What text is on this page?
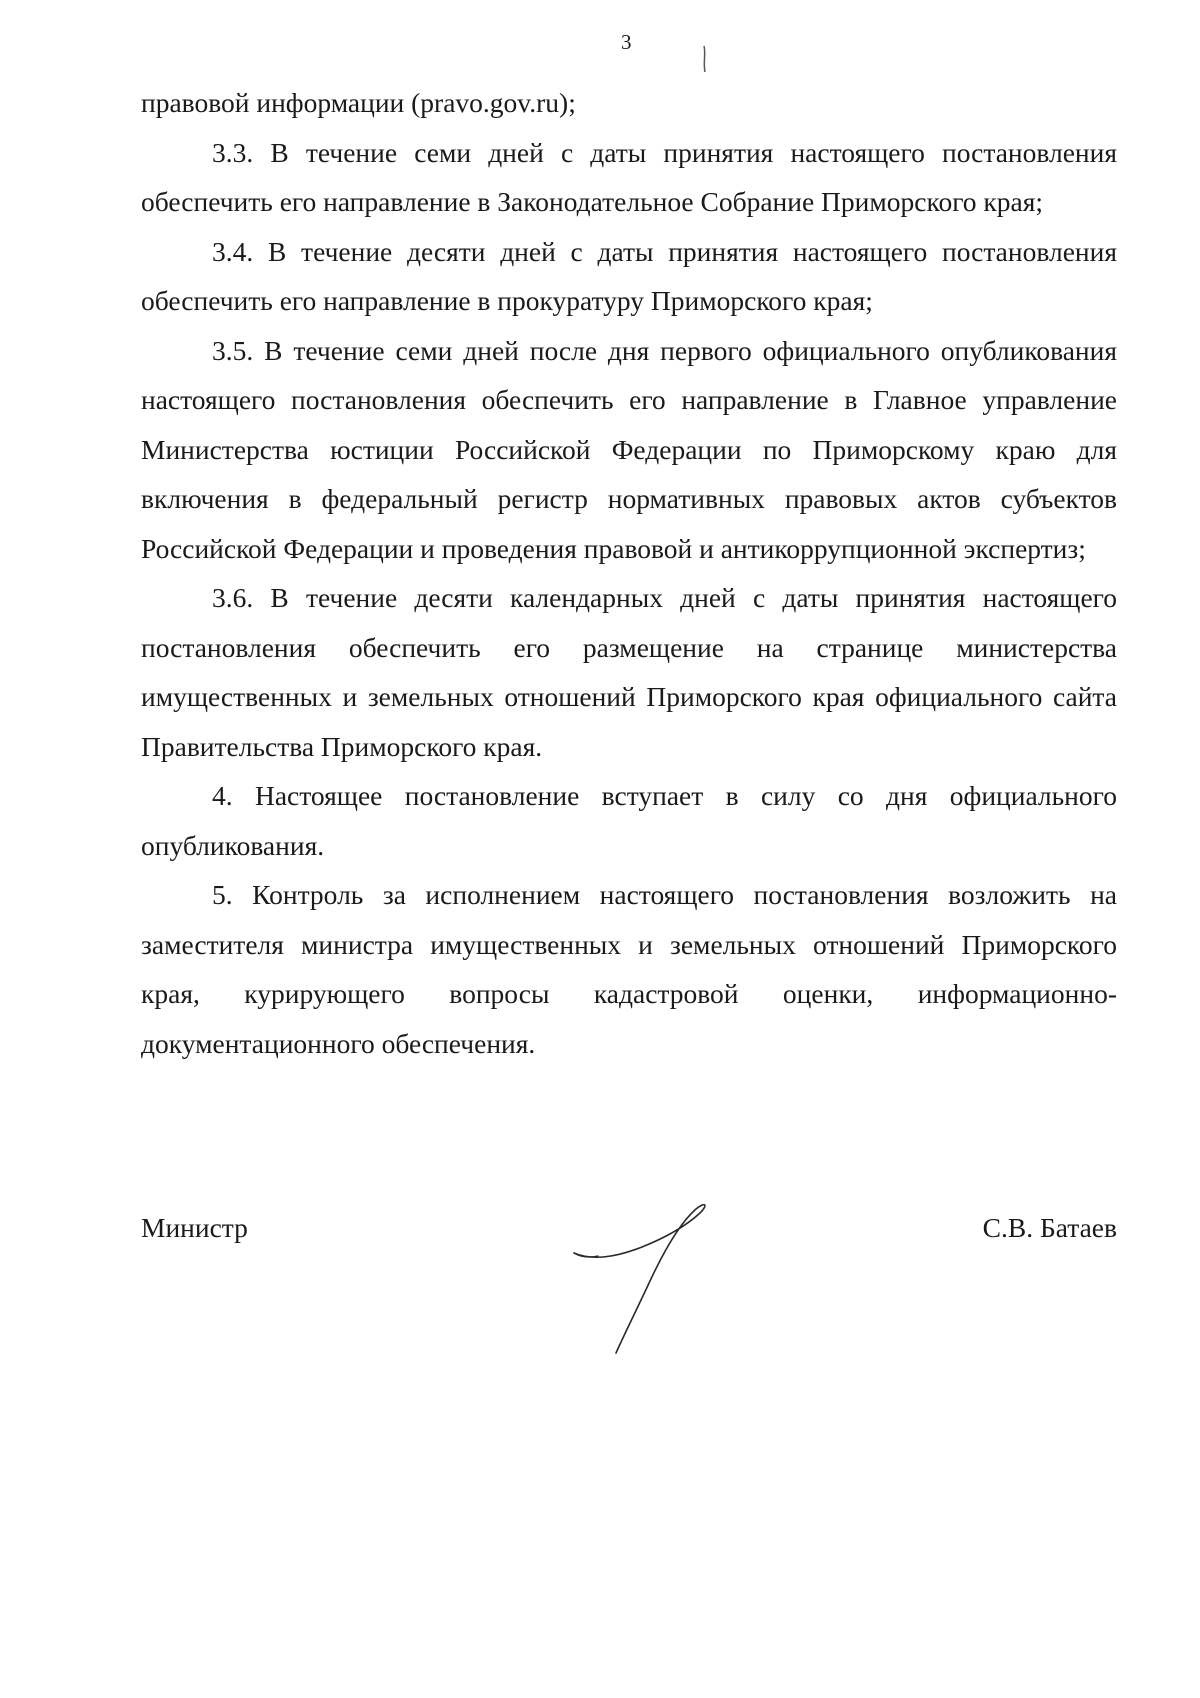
3

правовой информации (pravo.gov.ru);

3.3. В течение семи дней с даты принятия настоящего постановления обеспечить его направление в Законодательное Собрание Приморского края;

3.4. В течение десяти дней с даты принятия настоящего постановления обеспечить его направление в прокуратуру Приморского края;

3.5. В течение семи дней после дня первого официального опубликования настоящего постановления обеспечить его направление в Главное управление Министерства юстиции Российской Федерации по Приморскому краю для включения в федеральный регистр нормативных правовых актов субъектов Российской Федерации и проведения правовой и антикоррупционной экспертиз;

3.6. В течение десяти календарных дней с даты принятия настоящего постановления обеспечить его размещение на странице министерства имущественных и земельных отношений Приморского края официального сайта Правительства Приморского края.

4. Настоящее постановление вступает в силу со дня официального опубликования.

5. Контроль за исполнением настоящего постановления возложить на заместителя министра имущественных и земельных отношений Приморского края, курирующего вопросы кадастровой оценки, информационно-документационного обеспечения.

Министр	С.В. Батаев
